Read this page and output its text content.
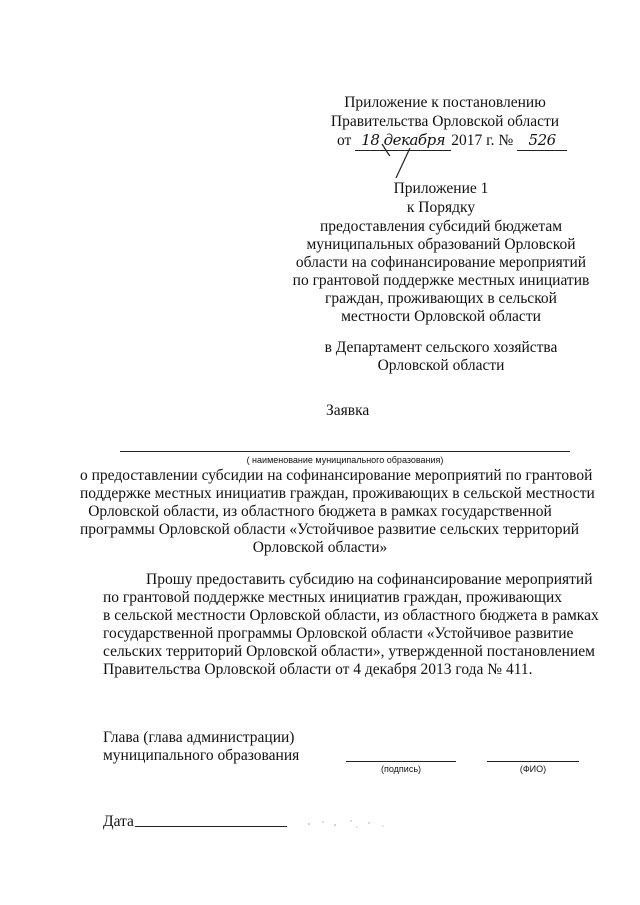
Приложение к постановлению
Правительства Орловской области
от 18 декабря 2017 г. № 526
Приложение 1
к Порядку
предоставления субсидий бюджетам
муниципальных образований Орловской
области на софинансирование мероприятий
по грантовой поддержке местных инициатив
граждан, проживающих в сельской
местности Орловской области
в Департамент сельского хозяйства
Орловской области
Заявка
( наименование муниципального образования)
о предоставлении субсидии на софинансирование мероприятий по грантовой
поддержке местных инициатив граждан, проживающих в сельской местности
Орловской области, из областного бюджета в рамках государственной
программы Орловской области «Устойчивое развитие сельских территорий
Орловской области»
Прошу предоставить субсидию на софинансирование мероприятий
по грантовой поддержке местных инициатив граждан, проживающих
в сельской местности Орловской области, из областного бюджета в рамках
государственной программы Орловской области «Устойчивое развитие
сельских территорий Орловской области», утвержденной постановлением
Правительства Орловской области от 4 декабря 2013 года № 411.
Глава (глава администрации)
муниципального образования
(подпись)	(ФИО)
Дата
